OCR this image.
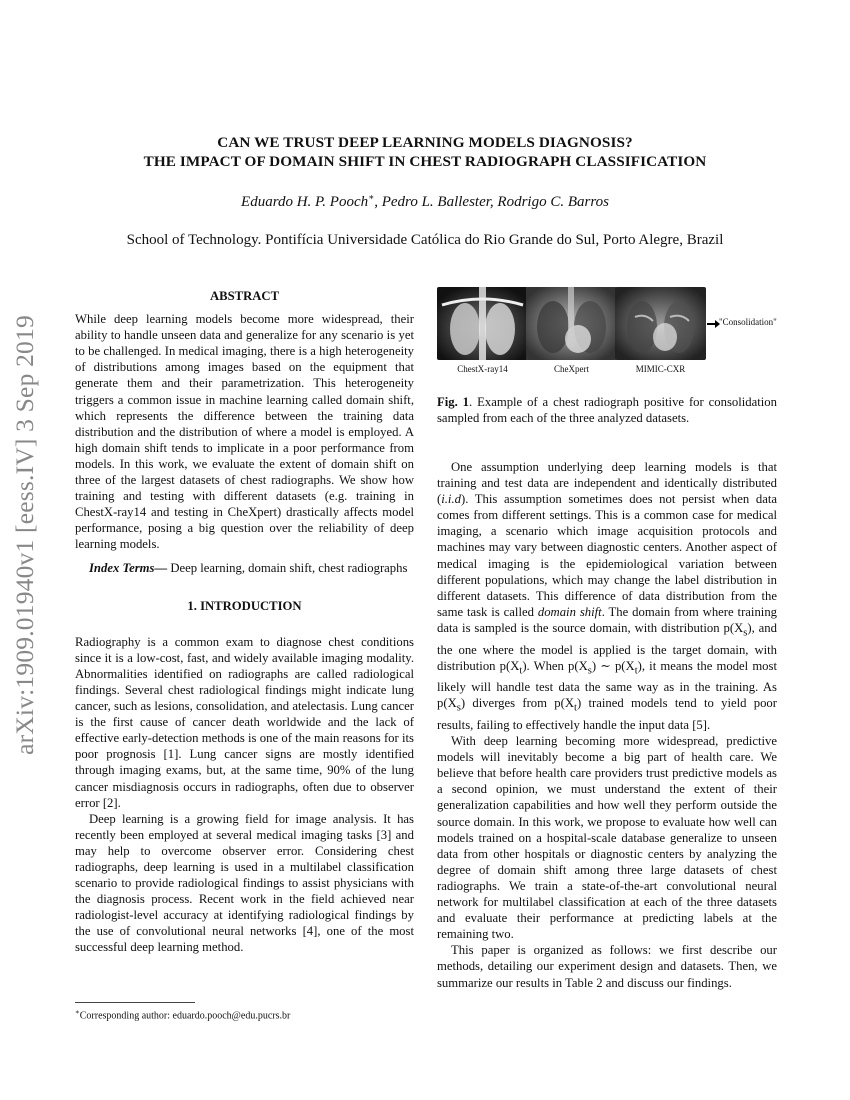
arXiv:1909.01940v1 [eess.IV] 3 Sep 2019
CAN WE TRUST DEEP LEARNING MODELS DIAGNOSIS?
THE IMPACT OF DOMAIN SHIFT IN CHEST RADIOGRAPH CLASSIFICATION
Eduardo H. P. Pooch∗, Pedro L. Ballester, Rodrigo C. Barros
School of Technology. Pontifícia Universidade Católica do Rio Grande do Sul, Porto Alegre, Brazil
ABSTRACT

While deep learning models become more widespread, their ability to handle unseen data and generalize for any scenario is yet to be challenged. In medical imaging, there is a high heterogeneity of distributions among images based on the equipment that generate them and their parametrization. This heterogeneity triggers a common issue in machine learning called domain shift, which represents the difference between the training data distribution and the distribution of where a model is employed. A high domain shift tends to implicate in a poor performance from models. In this work, we evaluate the extent of domain shift on three of the largest datasets of chest radiographs. We show how training and testing with different datasets (e.g. training in ChestX-ray14 and testing in CheXpert) drastically affects model performance, posing a big question over the reliability of deep learning models.

Index Terms— Deep learning, domain shift, chest radiographs

1. INTRODUCTION

Radiography is a common exam to diagnose chest conditions since it is a low-cost, fast, and widely available imaging modality. Abnormalities identified on radiographs are called radiological findings. Several chest radiological findings might indicate lung cancer, such as lesions, consolidation, and atelectasis. Lung cancer is the first cause of cancer death worldwide and the lack of effective early-detection methods is one of the main reasons for its poor prognosis [1]. Lung cancer signs are mostly identified through imaging exams, but, at the same time, 90% of the lung cancer misdiagnosis occurs in radiographs, often due to observer error [2].

Deep learning is a growing field for image analysis. It has recently been employed at several medical imaging tasks [3] and may help to overcome observer error. Considering chest radiographs, deep learning is used in a multilabel classification scenario to provide radiological findings to assist physicians with the diagnosis process. Recent work in the field achieved near radiologist-level accuracy at identifying radiological findings by the use of convolutional neural networks [4], one of the most successful deep learning method.

∗Corresponding author: eduardo.pooch@edu.pucrs.br
"Consolidation"
ChestX-ray14	CheXpert	MIMIC-CXR
Fig. 1. Example of a chest radiograph positive for consolidation sampled from each of the three analyzed datasets.

One assumption underlying deep learning models is that training and test data are independent and identically distributed (i.i.d). This assumption sometimes does not persist when data comes from different settings. This is a common case for medical imaging, a scenario which image acquisition protocols and machines may vary between diagnostic centers. Another aspect of medical imaging is the epidemiological variation between different populations, which may change the label distribution in different datasets. This difference of data distribution from the same task is called domain shift. The domain from where training data is sampled is the source domain, with distribution $p(X_s)$, and the one where the model is applied is the target domain, with distribution $p(X_t)$. When $p(X_s)$ ∼ $p(X_t)$, it means the model most likely will handle test data the same way as in the training. As $p(X_s)$ diverges from $p(X_t)$ trained models tend to yield poor results, failing to effectively handle the input data [5].

With deep learning becoming more widespread, predictive models will inevitably become a big part of health care. We believe that before health care providers trust predictive models as a second opinion, we must understand the extent of their generalization capabilities and how well they perform outside the source domain. In this work, we propose to evaluate how well can models trained on a hospital-scale database generalize to unseen data from other hospitals or diagnostic centers by analyzing the degree of domain shift among three large datasets of chest radiographs. We train a state-of-the-art convolutional neural network for multilabel classification at each of the three datasets and evaluate their performance at predicting labels at the remaining two.

This paper is organized as follows: we first describe our methods, detailing our experiment design and datasets. Then, we summarize our results in Table 2 and discuss our findings.
